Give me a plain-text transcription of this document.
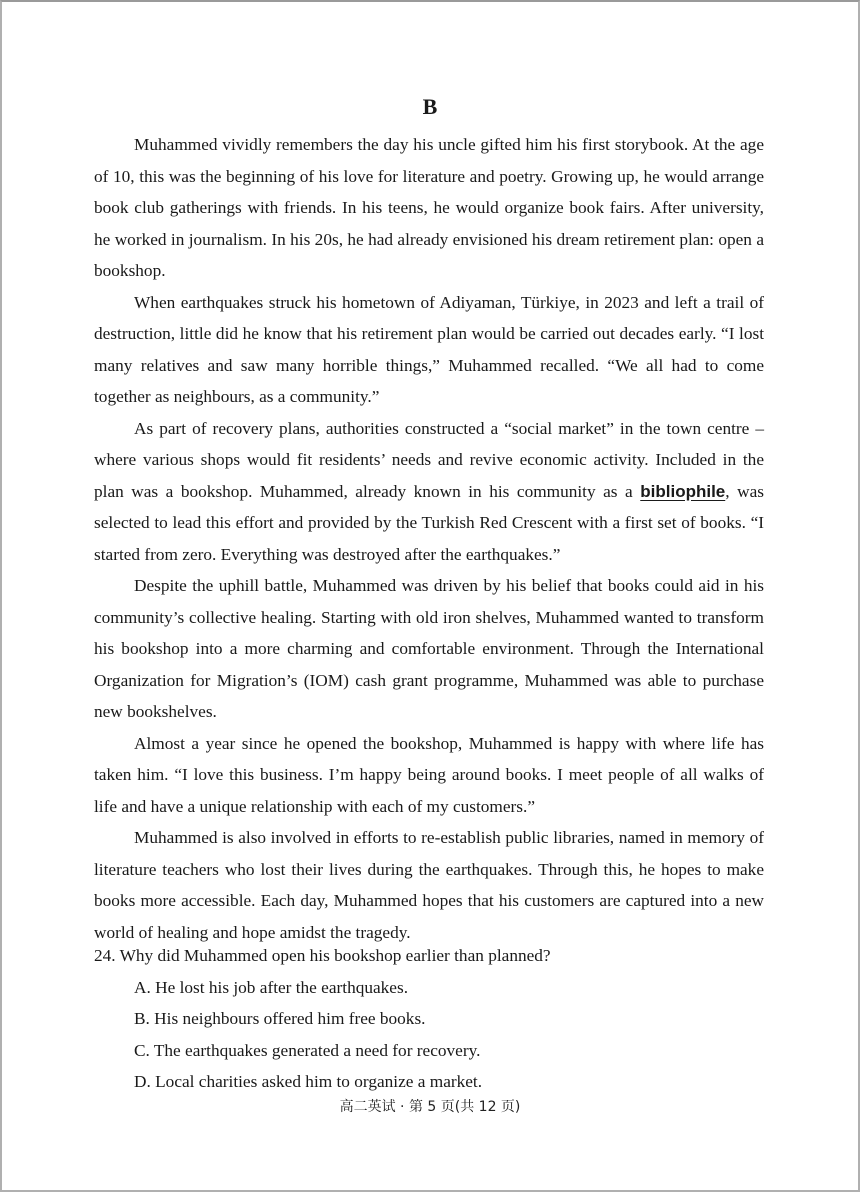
B

Muhammed vividly remembers the day his uncle gifted him his first storybook. At the age of 10, this was the beginning of his love for literature and poetry. Growing up, he would arrange book club gatherings with friends. In his teens, he would organize book fairs. After university, he worked in journalism. In his 20s, he had already envisioned his dream retirement plan: open a bookshop.

When earthquakes struck his hometown of Adiyaman, Türkiye, in 2023 and left a trail of destruction, little did he know that his retirement plan would be carried out decades early. “I lost many relatives and saw many horrible things,” Muhammed recalled. “We all had to come together as neighbours, as a community.”

As part of recovery plans, authorities constructed a “social market” in the town centre – where various shops would fit residents’ needs and revive economic activity. Included in the plan was a bookshop. Muhammed, already known in his community as a bibliophile, was selected to lead this effort and provided by the Turkish Red Crescent with a first set of books. “I started from zero. Everything was destroyed after the earthquakes.”

Despite the uphill battle, Muhammed was driven by his belief that books could aid in his community’s collective healing. Starting with old iron shelves, Muhammed wanted to transform his bookshop into a more charming and comfortable environment. Through the International Organization for Migration’s (IOM) cash grant programme, Muhammed was able to purchase new bookshelves.

Almost a year since he opened the bookshop, Muhammed is happy with where life has taken him. “I love this business. I’m happy being around books. I meet people of all walks of life and have a unique relationship with each of my customers.”

Muhammed is also involved in efforts to re-establish public libraries, named in memory of literature teachers who lost their lives during the earthquakes. Through this, he hopes to make books more accessible. Each day, Muhammed hopes that his customers are captured into a new world of healing and hope amidst the tragedy.

24. Why did Muhammed open his bookshop earlier than planned?

A. He lost his job after the earthquakes.

B. His neighbours offered him free books.

C. The earthquakes generated a need for recovery.

D. Local charities asked him to organize a market.

高二英试 · 第 5 页(共 12 页)
